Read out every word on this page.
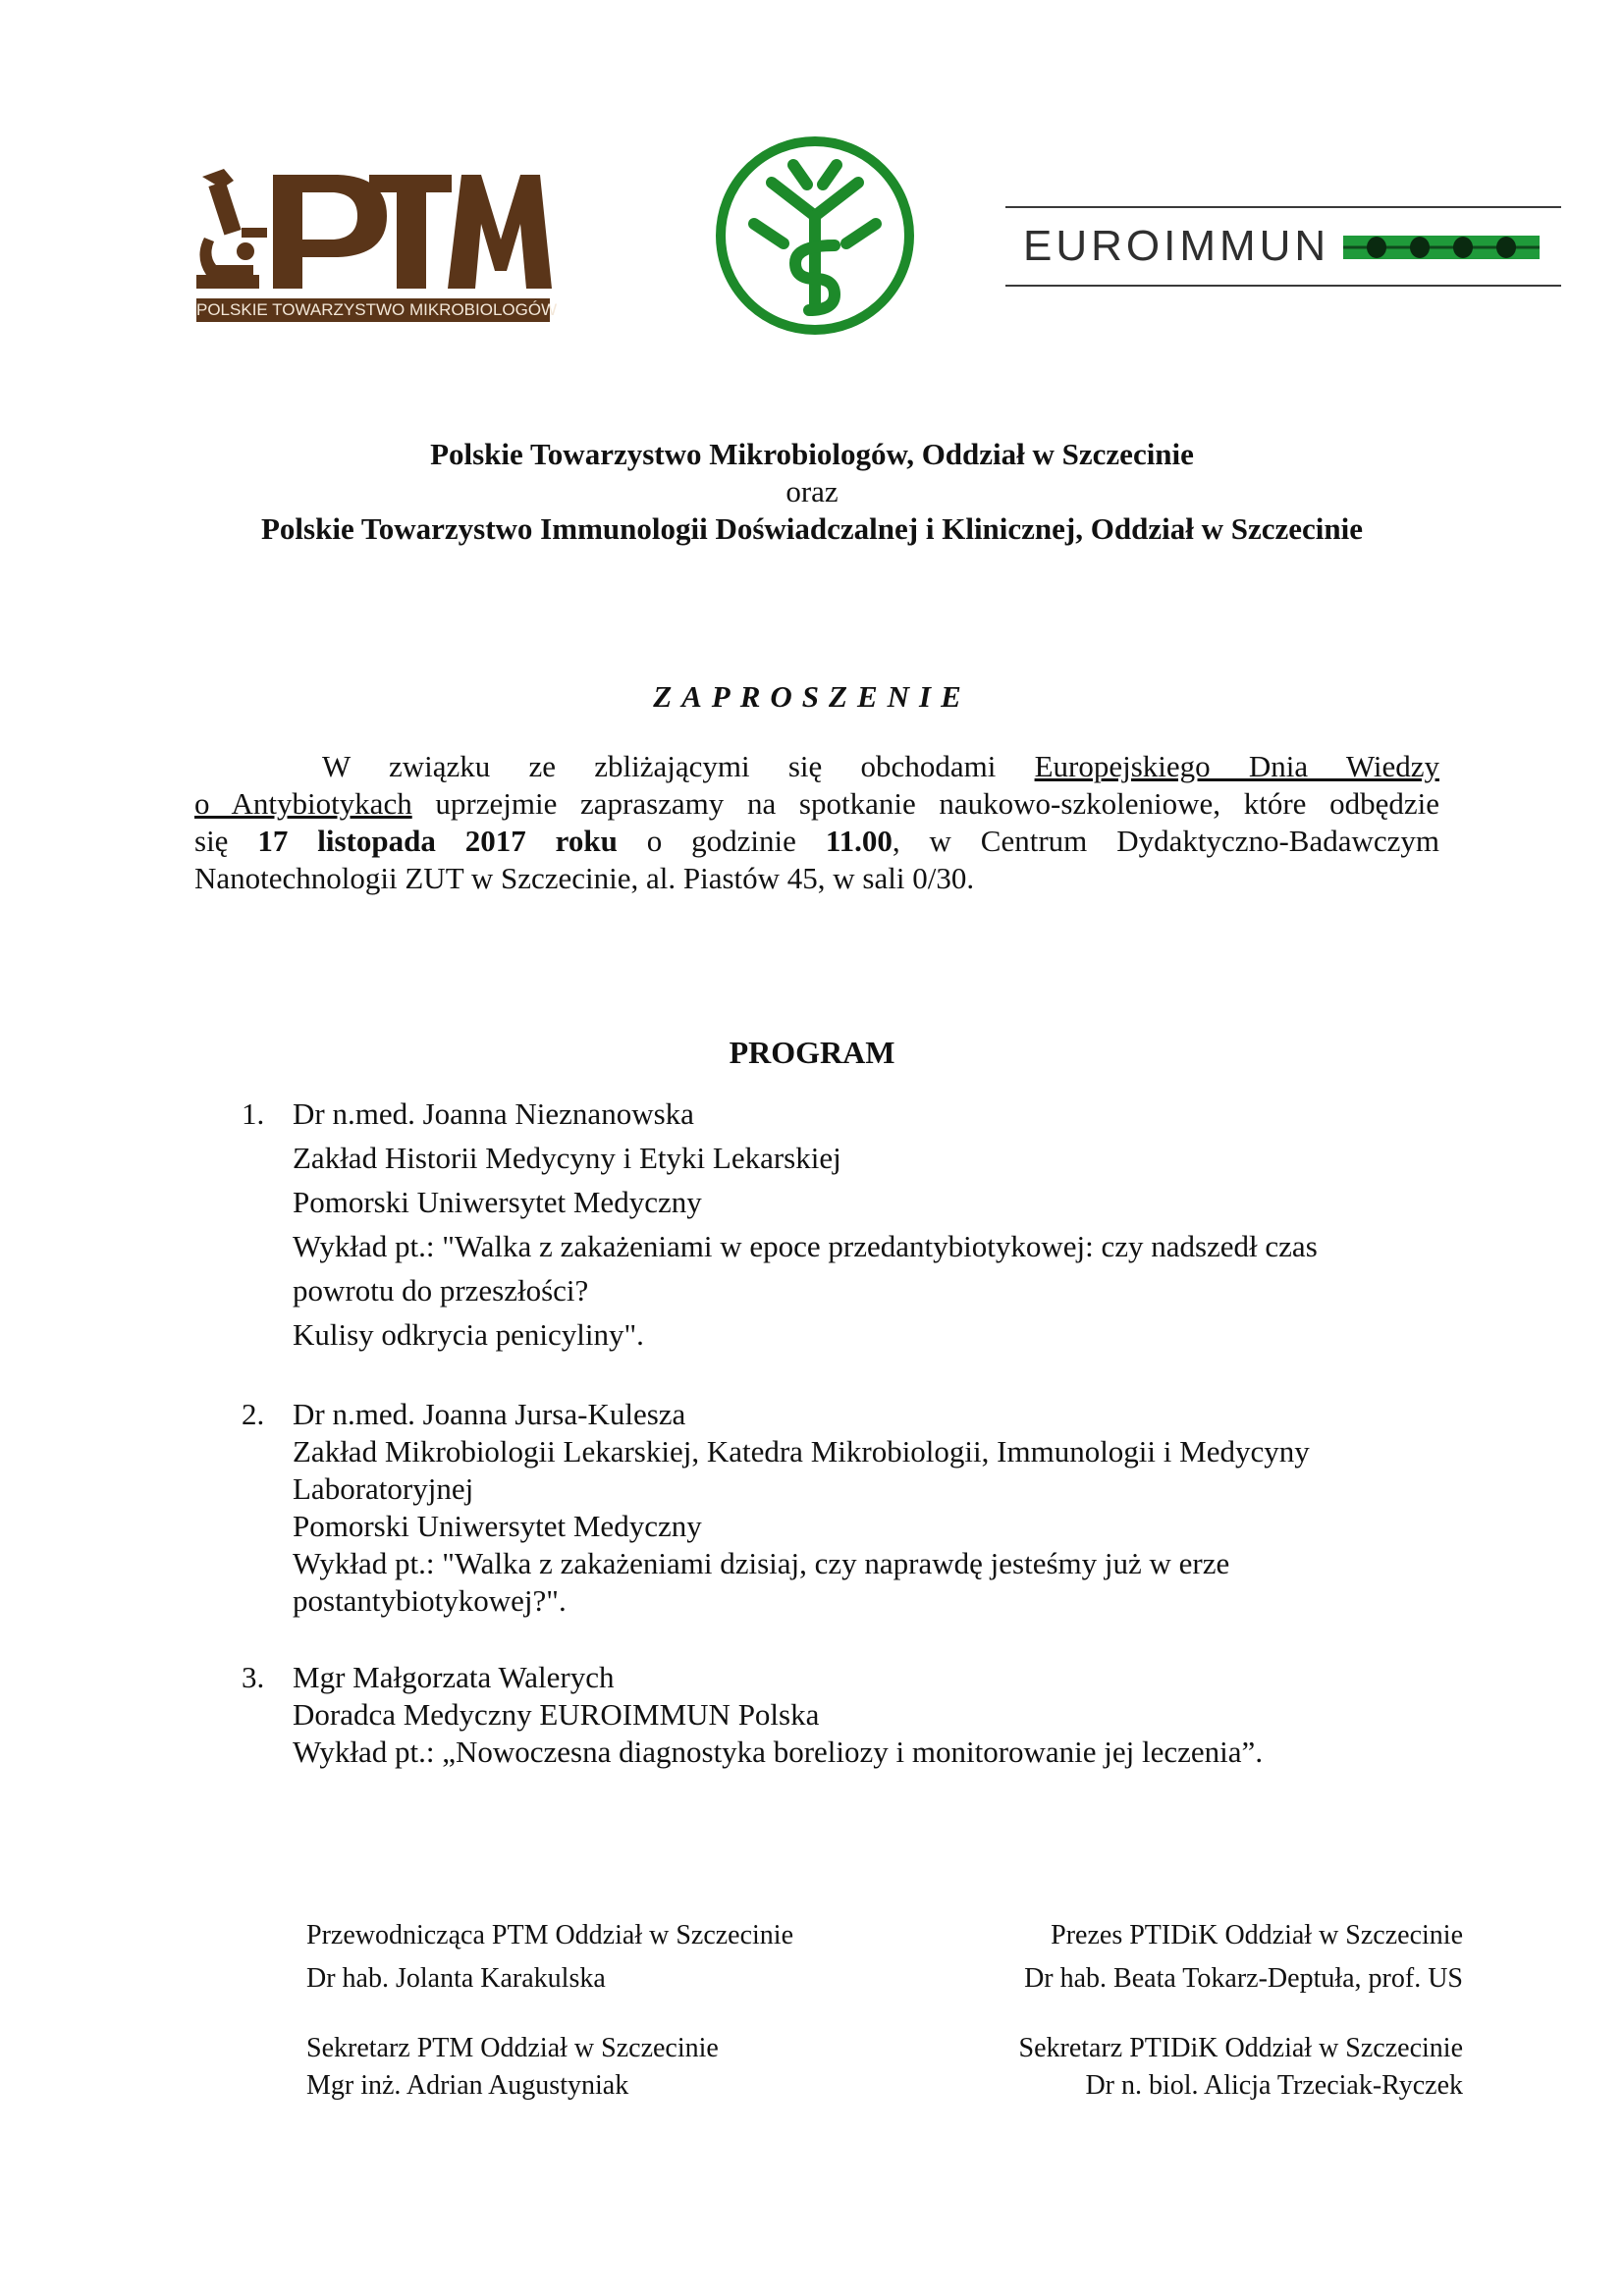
POLSKIE TOWARZYSTWO MIKROBIOLOGÓW
EUROIMMUN
Polskie Towarzystwo Mikrobiologów, Oddział w Szczecinie
oraz
Polskie Towarzystwo Immunologii Doświadczalnej i Klinicznej, Oddział w Szczecinie
ZAPROSZENIE
W związku ze zbliżającymi się obchodami Europejskiego Dnia Wiedzy
o Antybiotykach uprzejmie zapraszamy na spotkanie naukowo-szkoleniowe, które odbędzie
się 17 listopada 2017 roku o godzinie 11.00, w Centrum Dydaktyczno-Badawczym
Nanotechnologii ZUT w Szczecinie, al. Piastów 45, w sali 0/30.
PROGRAM
1. Dr n.med. Joanna Nieznanowska
Zakład Historii Medycyny i Etyki Lekarskiej
Pomorski Uniwersytet Medyczny
Wykład pt.: "Walka z zakażeniami w epoce przedantybiotykowej: czy nadszedł czas
powrotu do przeszłości?
Kulisy odkrycia penicyliny".
2. Dr n.med. Joanna Jursa-Kulesza
Zakład Mikrobiologii Lekarskiej, Katedra Mikrobiologii, Immunologii i Medycyny
Laboratoryjnej
Pomorski Uniwersytet Medyczny
Wykład pt.: "Walka z zakażeniami dzisiaj, czy naprawdę jesteśmy już w erze
postantybiotykowej?".
3. Mgr Małgorzata Walerych
Doradca Medyczny EUROIMMUN Polska
Wykład pt.: „Nowoczesna diagnostyka boreliozy i monitorowanie jej leczenia”.
Przewodnicząca PTM Oddział w Szczecinie
Dr hab. Jolanta Karakulska
Sekretarz PTM Oddział w Szczecinie
Mgr inż. Adrian Augustyniak
Prezes PTIDiK Oddział w Szczecinie
Dr hab. Beata Tokarz-Deptuła, prof. US
Sekretarz PTIDiK Oddział w Szczecinie
Dr n. biol. Alicja Trzeciak-Ryczek
